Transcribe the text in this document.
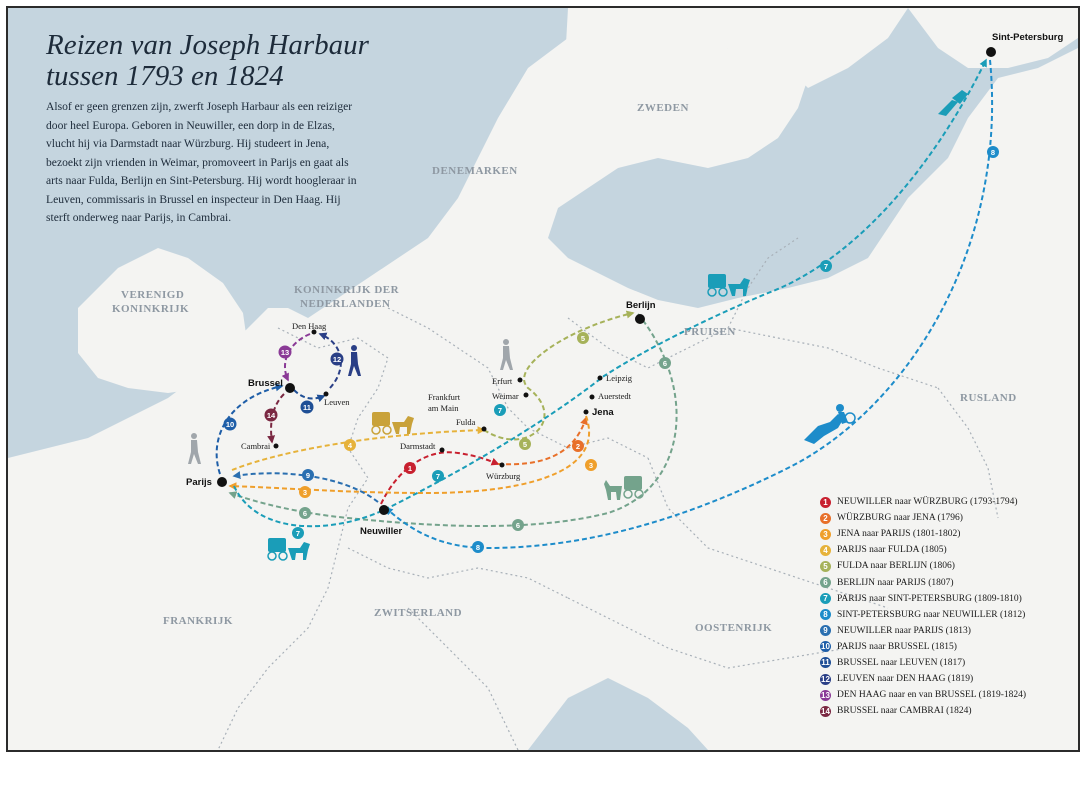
ZWEDEN
DENEMARKEN
VERENIGD
KONINKRIJK
KONINKRIJK DER
NEDERLANDEN
PRUISEN
RUSLAND
FRANKRIJK
ZWITSERLAND
OOSTENRIJK
1
2
3
3
4	5
5
6
6
6
7
7
7
7
8
8
9
10
11
12
13
14
Sint-Petersburg
Berlijn
Den Haag
Brussel
Leuven
Cambrai
Parijs
Neuwiller
Frankfurt
am Main
Fulda
Darmstadt
Würzburg
Erfurt
Weimar
Leipzig
Auerstedt
Jena
Reizen van Joseph Harbaur
tussen 1793 en 1824

Alsof er geen grenzen zijn, zwerft Joseph Harbaur als een reiziger door heel Europa. Geboren in Neuwiller, een dorp in de Elzas, vlucht hij via Darmstadt naar Würzburg. Hij studeert in Jena, bezoekt zijn vrienden in Weimar, promoveert in Parijs en gaat als arts naar Fulda, Berlijn en Sint-Petersburg. Hij wordt hoogleraar in Leuven, commissaris in Brussel en inspecteur in Den Haag. Hij sterft onderweg naar Parijs, in Cambrai.

1 NEUWILLER naar WÜRZBURG (1793-1794)
2 WÜRZBURG naar JENA (1796)
3 JENA naar PARIJS (1801-1802)
4 PARIJS naar FULDA (1805)
5 FULDA naar BERLIJN (1806)
6 BERLIJN naar PARIJS (1807)
7 PARIJS naar SINT-PETERSBURG (1809-1810)
8 SINT-PETERSBURG naar NEUWILLER (1812)
9 NEUWILLER naar PARIJS (1813)
10 PARIJS naar BRUSSEL (1815)
11 BRUSSEL naar LEUVEN (1817)
12 LEUVEN naar DEN HAAG (1819)
13 DEN HAAG naar en van BRUSSEL (1819-1824)
14 BRUSSEL naar CAMBRAI (1824)
